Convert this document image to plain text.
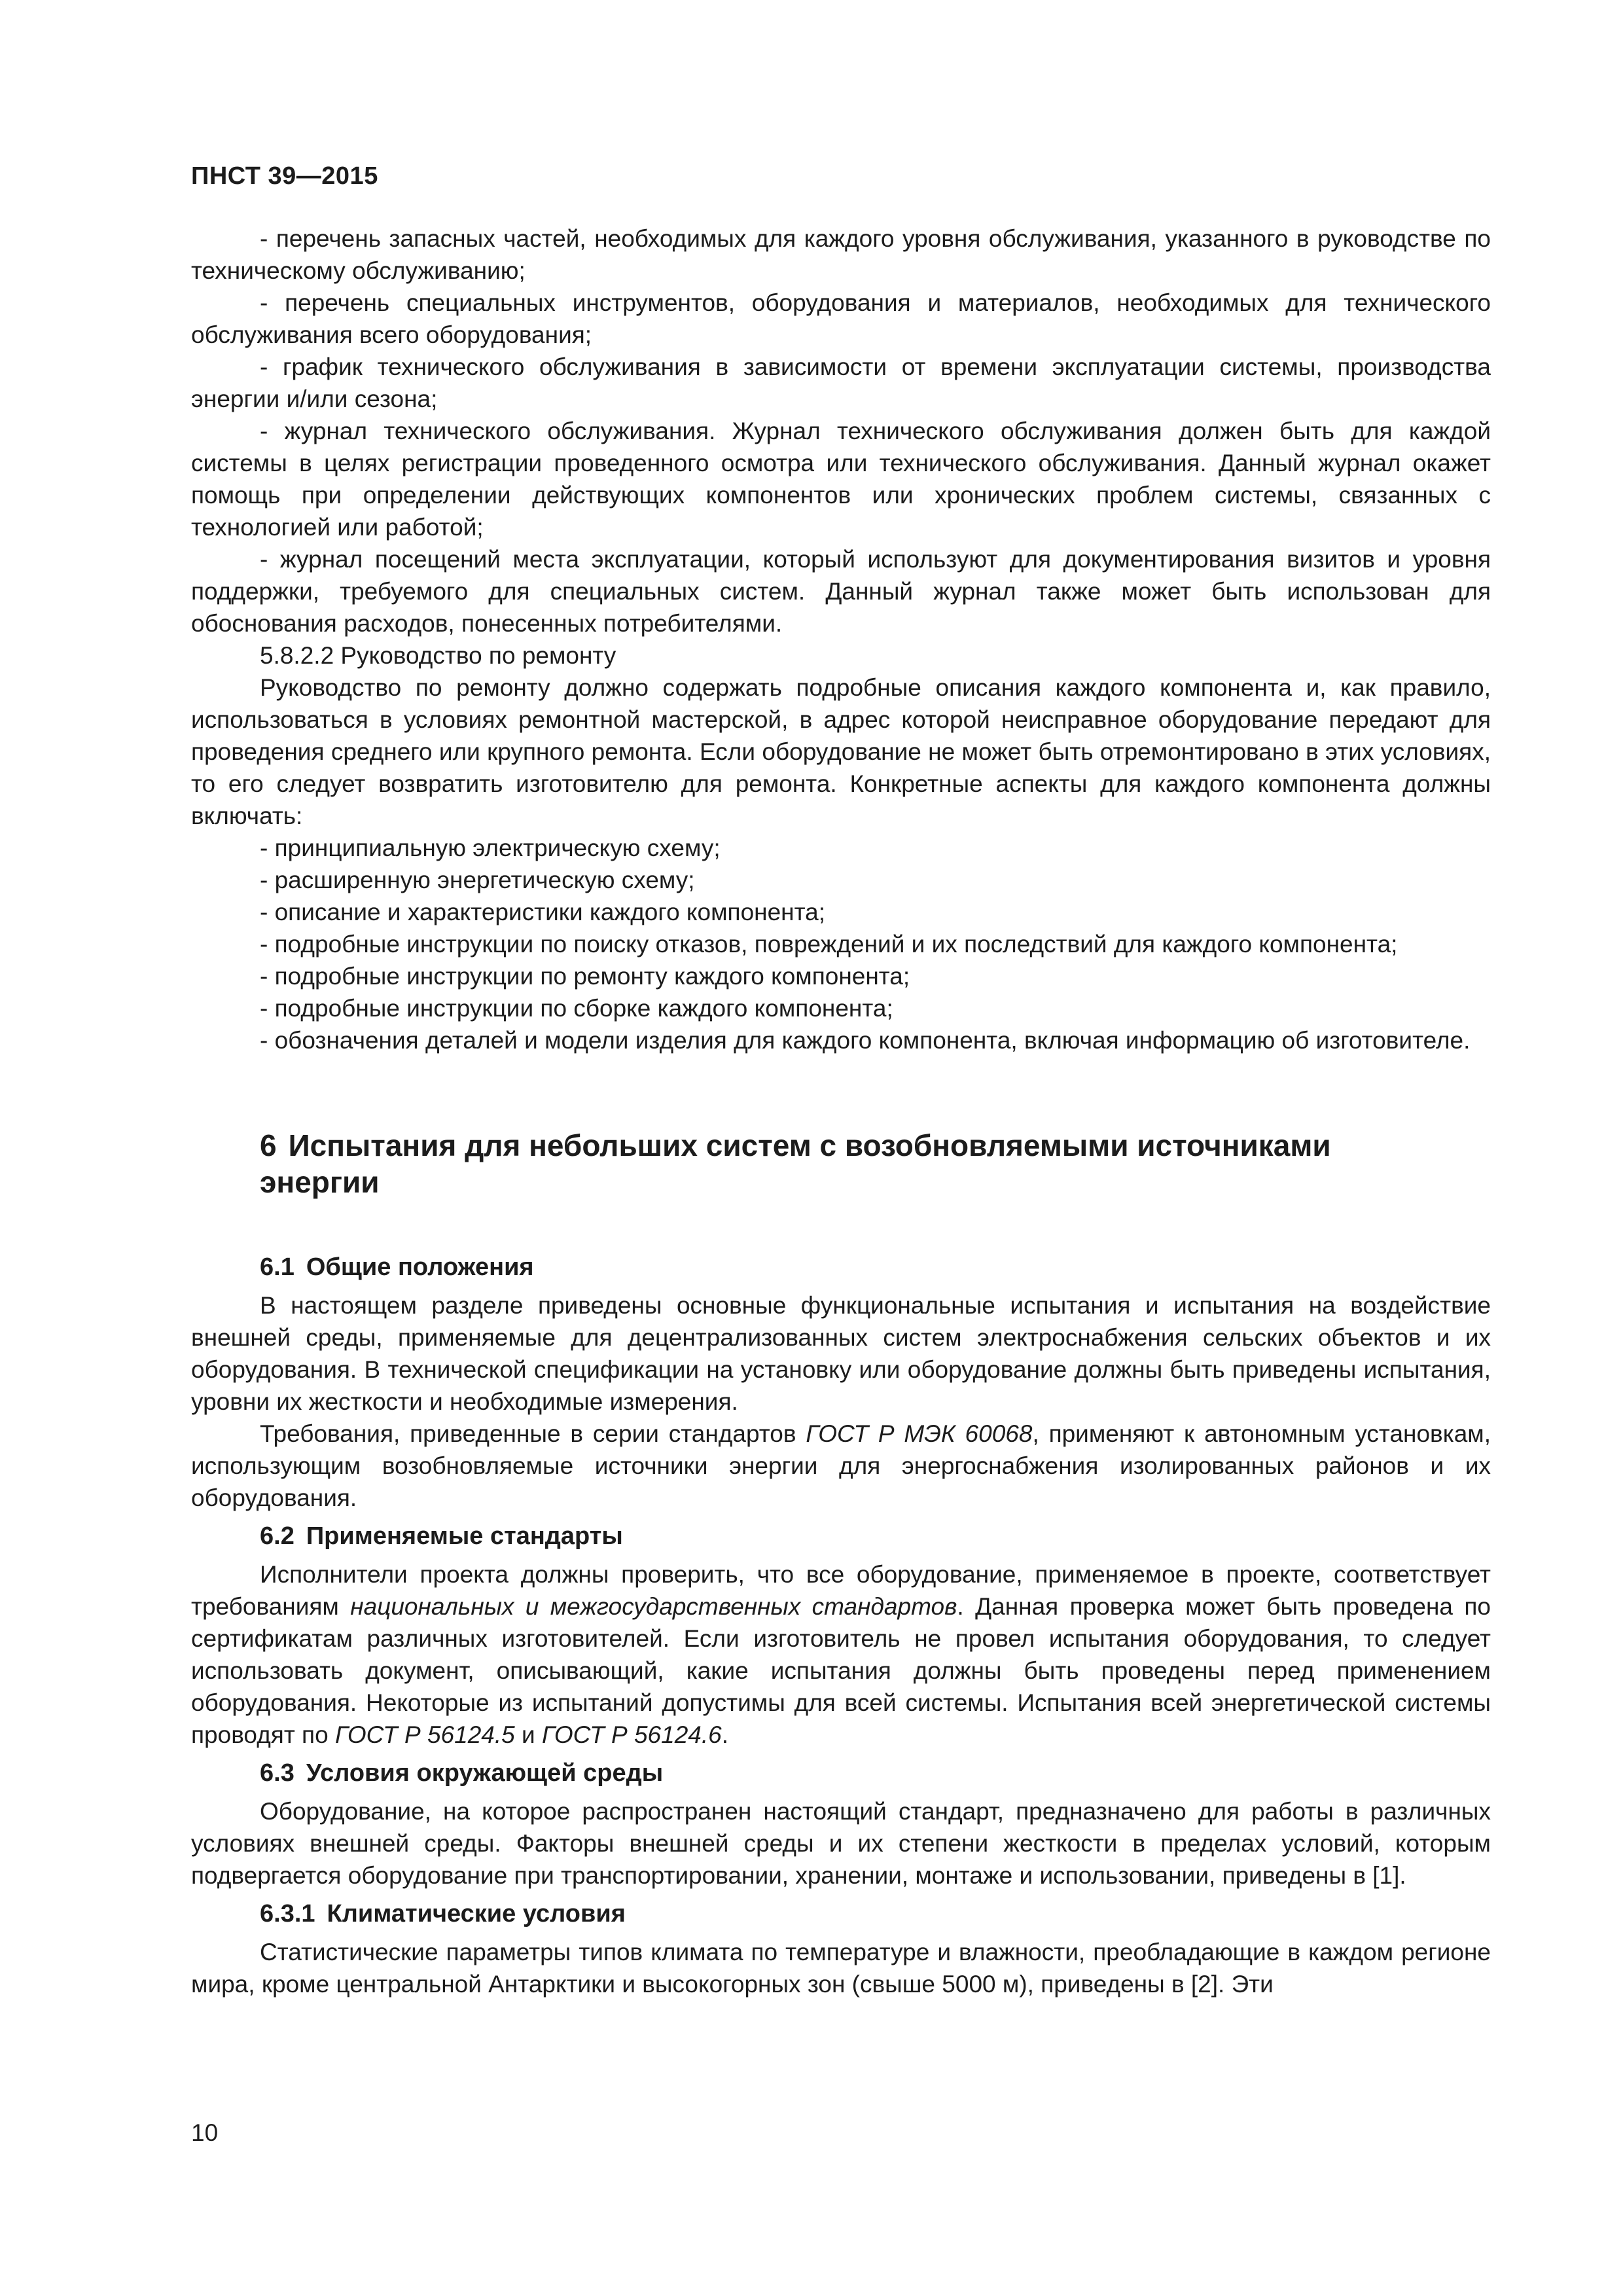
ПНСТ 39—2015

- перечень запасных частей, необходимых для каждого уровня обслуживания, указанного в руководстве по техническому обслуживанию;

- перечень специальных инструментов, оборудования и материалов, необходимых для технического обслуживания всего оборудования;

- график технического обслуживания в зависимости от времени эксплуатации системы, производства энергии и/или сезона;

- журнал технического обслуживания. Журнал технического обслуживания должен быть для каждой системы в целях регистрации проведенного осмотра или технического обслуживания. Данный журнал окажет помощь при определении действующих компонентов или хронических проблем системы, связанных с технологией или работой;

- журнал посещений места эксплуатации, который используют для документирования визитов и уровня поддержки, требуемого для специальных систем. Данный журнал также может быть использован для обоснования расходов, понесенных потребителями.

5.8.2.2 Руководство по ремонту

Руководство по ремонту должно содержать подробные описания каждого компонента и, как правило, использоваться в условиях ремонтной мастерской, в адрес которой неисправное оборудование передают для проведения среднего или крупного ремонта. Если оборудование не может быть отремонтировано в этих условиях, то его следует возвратить изготовителю для ремонта. Конкретные аспекты для каждого компонента должны включать:

- принципиальную электрическую схему;

- расширенную энергетическую схему;

- описание и характеристики каждого компонента;

- подробные инструкции по поиску отказов, повреждений и их последствий для каждого компонента;

- подробные инструкции по ремонту каждого компонента;

- подробные инструкции по сборке каждого компонента;

- обозначения деталей и модели изделия для каждого компонента, включая информацию об изготовителе.

6 Испытания для небольших систем с возобновляемыми источниками энергии
6.1 Общие положения

В настоящем разделе приведены основные функциональные испытания и испытания на воздействие внешней среды, применяемые для децентрализованных систем электроснабжения сельских объектов и их оборудования. В технической спецификации на установку или оборудование должны быть приведены испытания, уровни их жесткости и необходимые измерения.

Требования, приведенные в серии стандартов ГОСТ Р МЭК 60068, применяют к автономным установкам, использующим возобновляемые источники энергии для энергоснабжения изолированных районов и их оборудования.

6.2 Применяемые стандарты

Исполнители проекта должны проверить, что все оборудование, применяемое в проекте, соответствует требованиям национальных и межгосударственных стандартов. Данная проверка может быть проведена по сертификатам различных изготовителей. Если изготовитель не провел испытания оборудования, то следует использовать документ, описывающий, какие испытания должны быть проведены перед применением оборудования. Некоторые из испытаний допустимы для всей системы. Испытания всей энергетической системы проводят по ГОСТ Р 56124.5 и ГОСТ Р 56124.6.

6.3 Условия окружающей среды

Оборудование, на которое распространен настоящий стандарт, предназначено для работы в различных условиях внешней среды. Факторы внешней среды и их степени жесткости в пределах условий, которым подвергается оборудование при транспортировании, хранении, монтаже и использовании, приведены в [1].

6.3.1 Климатические условия

Статистические параметры типов климата по температуре и влажности, преобладающие в каждом регионе мира, кроме центральной Антарктики и высокогорных зон (свыше 5000 м), приведены в [2]. Эти

10
